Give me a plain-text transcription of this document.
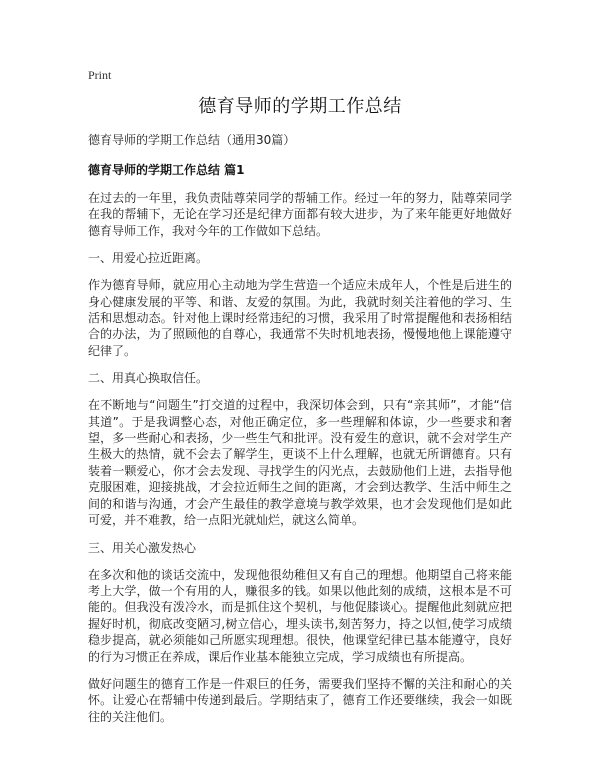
Print
德育导师的学期工作总结
德育导师的学期工作总结（通用30篇）
德育导师的学期工作总结 篇1

在过去的一年里，我负责陆尊荣同学的帮辅工作。经过一年的努力，陆尊荣同学在我的帮辅下，无论在学习还是纪律方面都有较大进步，为了来年能更好地做好德育导师工作，我对今年的工作做如下总结。

一、用爱心拉近距离。

作为德育导师，就应用心主动地为学生营造一个适应未成年人，个性是后进生的身心健康发展的平等、和谐、友爱的氛围。为此，我就时刻关注着他的学习、生活和思想动态。针对他上课时经常违纪的习惯，我采用了时常提醒他和表扬相结合的办法，为了照顾他的自尊心，我通常不失时机地表扬，慢慢地他上课能遵守纪律了。

二、用真心换取信任。

在不断地与“问题生”打交道的过程中，我深切体会到，只有“亲其师”，才能“信其道”。于是我调整心态，对他正确定位，多一些理解和体谅，少一些要求和奢望，多一些耐心和表扬，少一些生气和批评。没有爱生的意识，就不会对学生产生极大的热情，就不会去了解学生，更谈不上什么理解，也就无所谓德育。只有装着一颗爱心，你才会去发现、寻找学生的闪光点，去鼓励他们上进，去指导他克服困难，迎接挑战，才会拉近师生之间的距离，才会到达教学、生活中师生之间的和谐与沟通，才会产生最佳的教学意境与教学效果，也才会发现他们是如此可爱，并不难教，给一点阳光就灿烂，就这么简单。

三、用关心激发热心

在多次和他的谈话交流中，发现他很幼稚但又有自己的理想。他期望自己将来能考上大学，做一个有用的人，赚很多的钱。如果以他此刻的成绩，这根本是不可能的。但我没有泼冷水，而是抓住这个契机，与他促膝谈心。提醒他此刻就应把握好时机，彻底改变陋习,树立信心，埋头读书,刻苦努力，持之以恒,使学习成绩稳步提高，就必须能如己所愿实现理想。很快，他课堂纪律已基本能遵守，良好的行为习惯正在养成，课后作业基本能独立完成，学习成绩也有所提高。

做好问题生的德育工作是一件艰巨的任务，需要我们坚持不懈的关注和耐心的关怀。让爱心在帮辅中传递到最后。学期结束了，德育工作还要继续，我会一如既往的关注他们。
